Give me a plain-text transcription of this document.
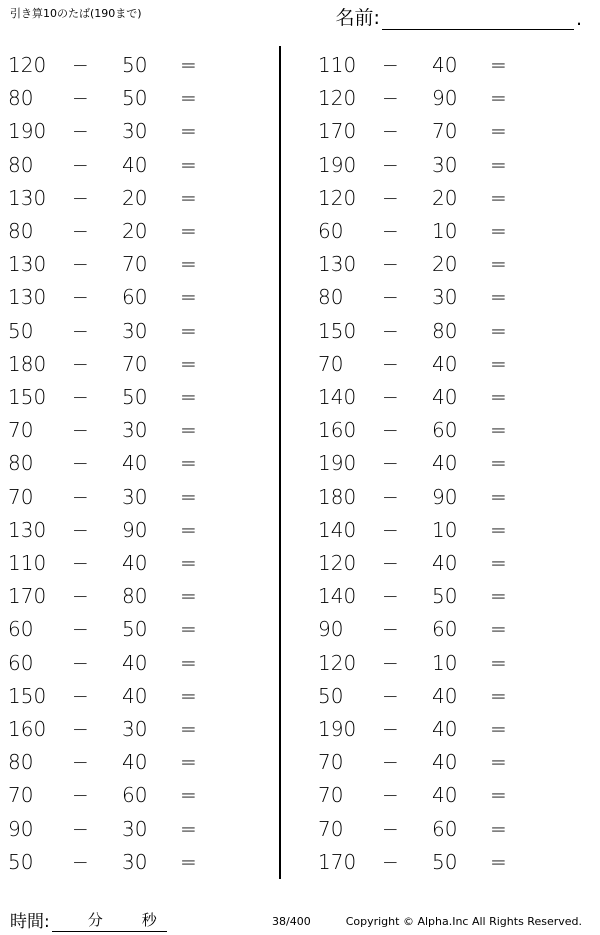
引き算10のたば(190まで)	名前:	.
120 − 50 =
80 − 50 =
190 − 30 =
80 − 40 =
130 − 20 =
80 − 20 =
130 − 70 =
130 − 60 =
50 − 30 =
180 − 70 =
150 − 50 =
70 − 30 =
80 − 40 =
70 − 30 =
130 − 90 =
110 − 40 =
170 − 80 =
60 − 50 =
60 − 40 =
150 − 40 =
160 − 30 =
80 − 40 =
70 − 60 =
90 − 30 =
50 − 30 =
110 − 40 =
120 − 90 =
170 − 70 =
190 − 30 =
120 − 20 =
60 − 10 =
130 − 20 =
80 − 30 =
150 − 80 =
70 − 40 =
140 − 40 =
160 − 60 =
190 − 40 =
180 − 90 =
140 − 10 =
120 − 40 =
140 − 50 =
90 − 60 =
120 − 10 =
50 − 40 =
190 − 40 =
70 − 40 =
70 − 40 =
70 − 60 =
170 − 50 =
時間:	分	秒	38/400	Copyright © Alpha.Inc All Rights Reserved.
